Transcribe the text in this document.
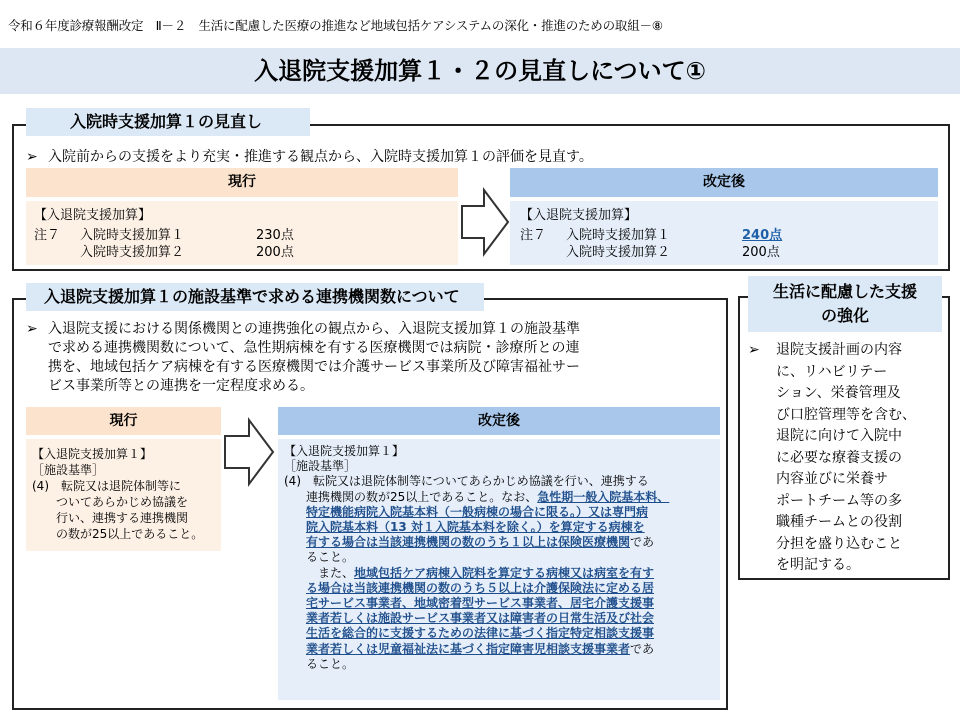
令和６年度診療報酬改定　Ⅱ－２　生活に配慮した医療の推進など地域包括ケアシステムの深化・推進のための取組－⑧
入退院支援加算１・２の見直しについて①
入院時支援加算１の見直し
➢ 入院前からの支援をより充実・推進する観点から、入院時支援加算１の評価を見直す。
現行	改定後
【入退院支援加算】
注７	入院時支援加算１	230点
入院時支援加算２	200点
【入退院支援加算】
注７	入院時支援加算１	240点
入院時支援加算２	200点
入退院支援加算１の施設基準で求める連携機関数について
➢ 入退院支援における関係機関との連携強化の観点から、入退院支援加算１の施設基準
で求める連携機関数について、急性期病棟を有する医療機関では病院・診療所との連
携を、地域包括ケア病棟を有する医療機関では介護サービス事業所及び障害福祉サー
ビス事業所等との連携を一定程度求める。
現行	改定後
【入退院支援加算１】
［施設基準］
(4)　転院又は退院体制等に
　　ついてあらかじめ協議を
　　行い、連携する連携機関
　　の数が25以上であること。
【入退院支援加算１】
［施設基準］
(4)　転院又は退院体制等についてあらかじめ協議を行い、連携する
連携機関の数が25以上であること。なお、急性期一般入院基本料、
特定機能病院入院基本料（一般病棟の場合に限る。）又は専門病
院入院基本料（13 対１入院基本料を除く。）を算定する病棟を
有する場合は当該連携機関の数のうち１以上は保険医療機関であ
ること。
　また、地域包括ケア病棟入院料を算定する病棟又は病室を有す
る場合は当該連携機関の数のうち５以上は介護保険法に定める居
宅サービス事業者、地域密着型サービス事業者、居宅介護支援事
業者若しくは施設サービス事業者又は障害者の日常生活及び社会
生活を総合的に支援するための法律に基づく指定特定相談支援事
業者若しくは児童福祉法に基づく指定障害児相談支援事業者であ
ること。
生活に配慮した支援
の強化
➢	退院支援計画の内容
に、リハビリテー
ション、栄養管理及
び口腔管理等を含む、
退院に向けて入院中
に必要な療養支援の
内容並びに栄養サ
ポートチーム等の多
職種チームとの役割
分担を盛り込むこと
を明記する。
